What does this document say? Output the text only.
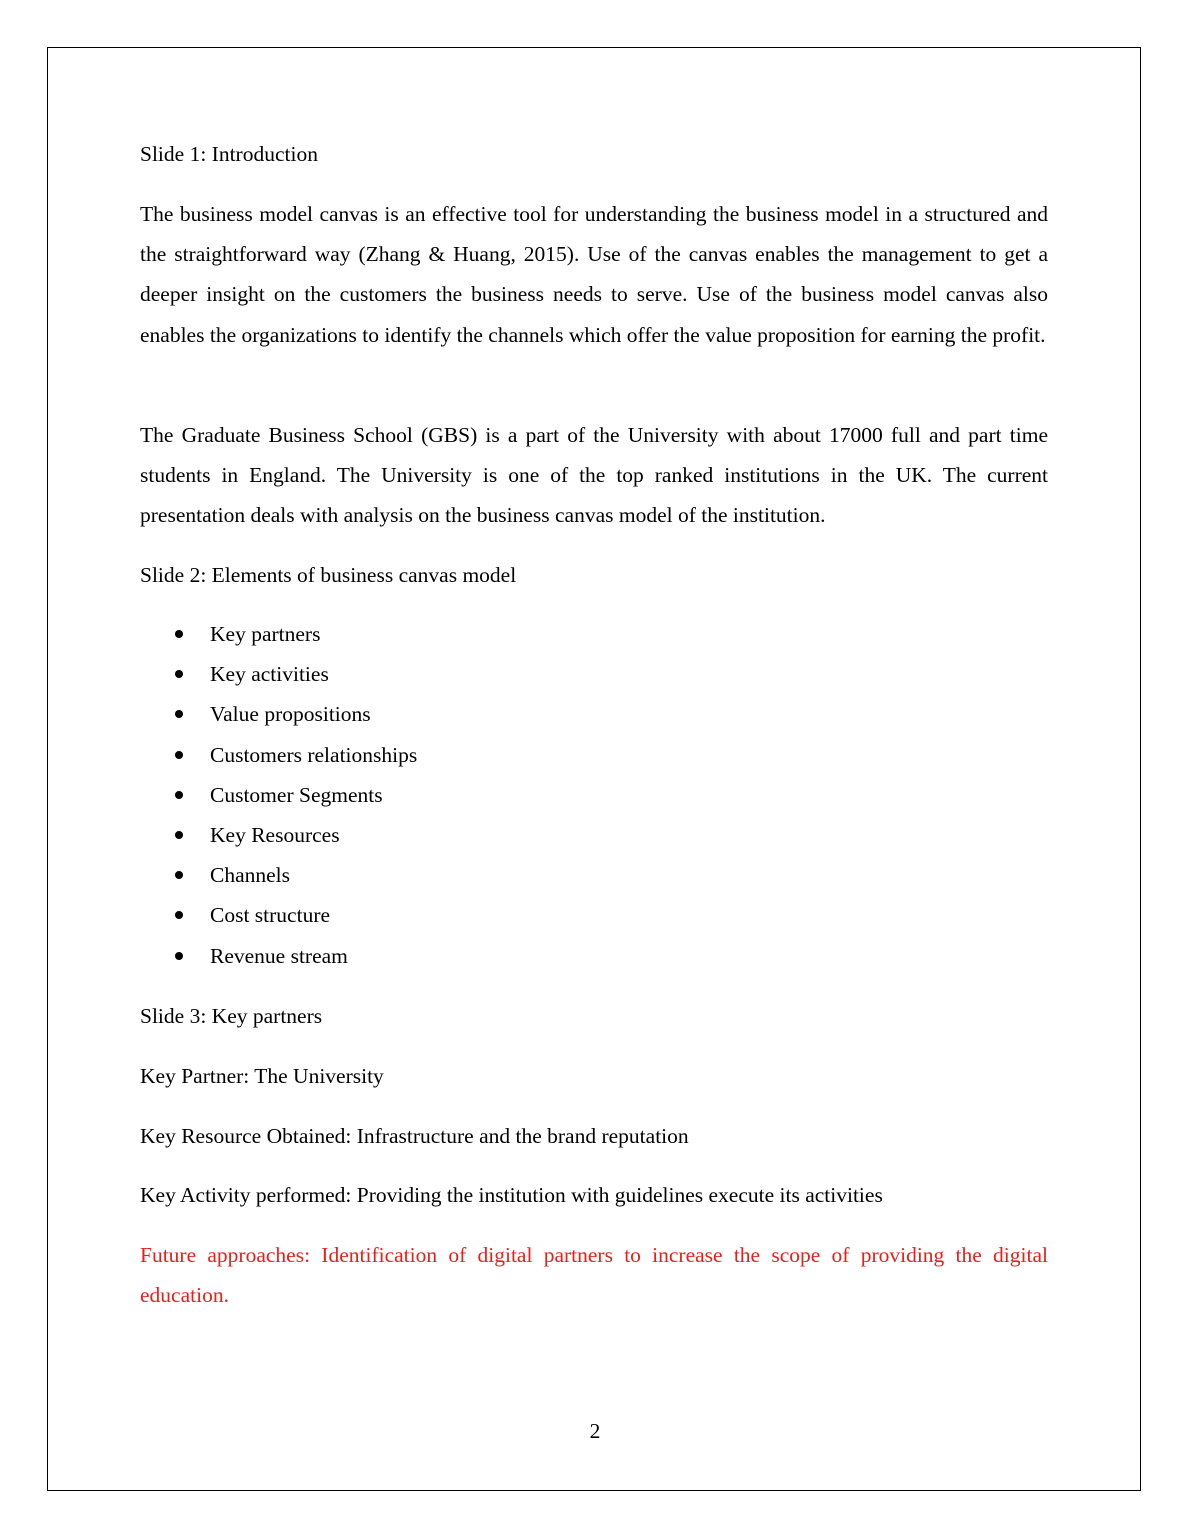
Slide 1: Introduction
The business model canvas is an effective tool for understanding the business model in a structured and the straightforward way (Zhang & Huang, 2015). Use of the canvas enables the management to get a deeper insight on the customers the business needs to serve. Use of the business model canvas also enables the organizations to identify the channels which offer the value proposition for earning the profit.
The Graduate Business School (GBS) is a part of the University with about 17000 full and part time students in England. The University is one of the top ranked institutions in the UK. The current presentation deals with analysis on the business canvas model of the institution.
Slide 2: Elements of business canvas model
Key partners
Key activities
Value propositions
Customers relationships
Customer Segments
Key Resources
Channels
Cost structure
Revenue stream
Slide 3: Key partners
Key Partner: The University
Key Resource Obtained: Infrastructure and the brand reputation
Key Activity performed: Providing the institution with guidelines execute its activities
Future approaches: Identification of digital partners to increase the scope of providing the digital education.
2
